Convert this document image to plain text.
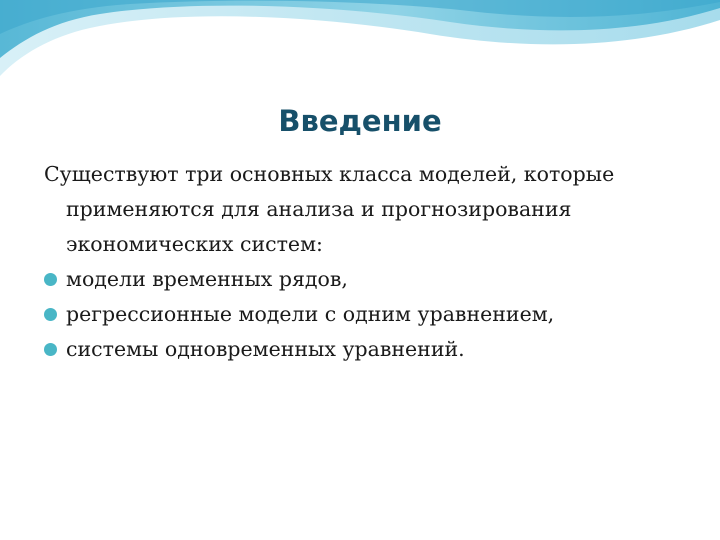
Введение

Существуют три основных класса моделей, которые применяются для анализа и прогнозирования экономических систем:

модели временных рядов,
регрессионные модели с одним уравнением,
системы одновременных уравнений.
